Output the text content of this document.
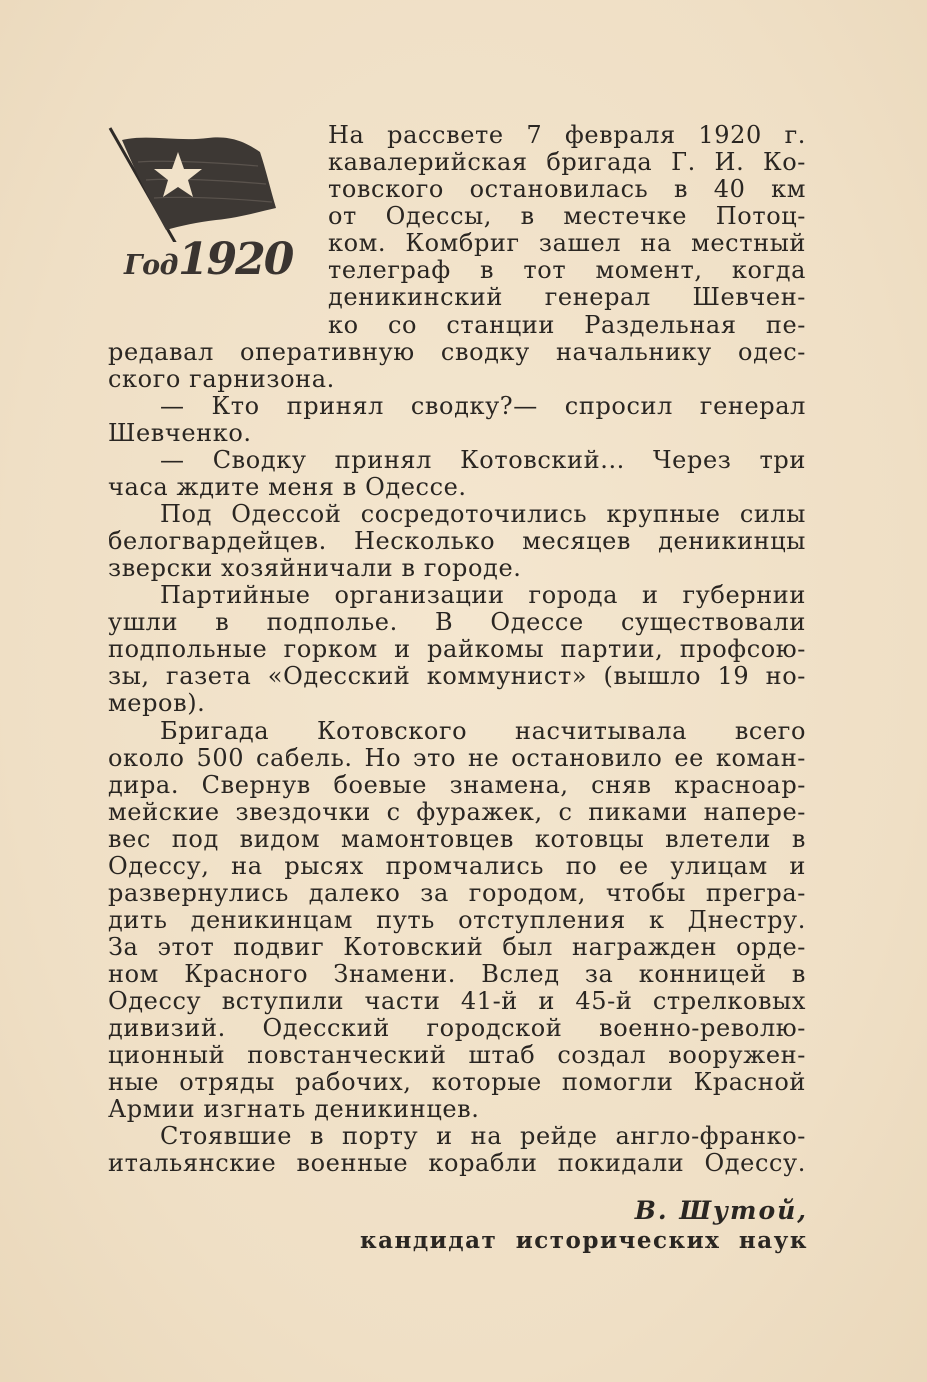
Год1920
На рассвете 7 февраля 1920 г.
кавалерийская бригада Г. И. Ко-
товского остановилась в 40 км
от Одессы, в местечке Потоц-
ком. Комбриг зашел на местный
телеграф в тот момент, когда
деникинский генерал Шевчен-
ко со станции Раздельная пе-
редавал оперативную сводку начальнику одес-
ского гарнизона.
— Кто принял сводку?— спросил генерал
Шевченко.
— Сводку принял Котовский... Через три
часа ждите меня в Одессе.
Под Одессой сосредоточились крупные силы
белогвардейцев. Несколько месяцев деникинцы
зверски хозяйничали в городе.
Партийные организации города и губернии
ушли в подполье. В Одессе существовали
подпольные горком и райкомы партии, профсою-
зы, газета «Одесский коммунист» (вышло 19 но-
меров).
Бригада Котовского насчитывала всего
около 500 сабель. Но это не остановило ее коман-
дира. Свернув боевые знамена, сняв красноар-
мейские звездочки с фуражек, с пиками напере-
вес под видом мамонтовцев котовцы влетели в
Одессу, на рысях промчались по ее улицам и
развернулись далеко за городом, чтобы прегра-
дить деникинцам путь отступления к Днестру.
За этот подвиг Котовский был награжден орде-
ном Красного Знамени. Вслед за конницей в
Одессу вступили части 41-й и 45-й стрелковых
дивизий. Одесский городской военно-револю-
ционный повстанческий штаб создал вооружен-
ные отряды рабочих, которые помогли Красной
Армии изгнать деникинцев.
Стоявшие в порту и на рейде англо-франко-
итальянские военные корабли покидали Одессу.
В. Шутой,
кандидат исторических наук
